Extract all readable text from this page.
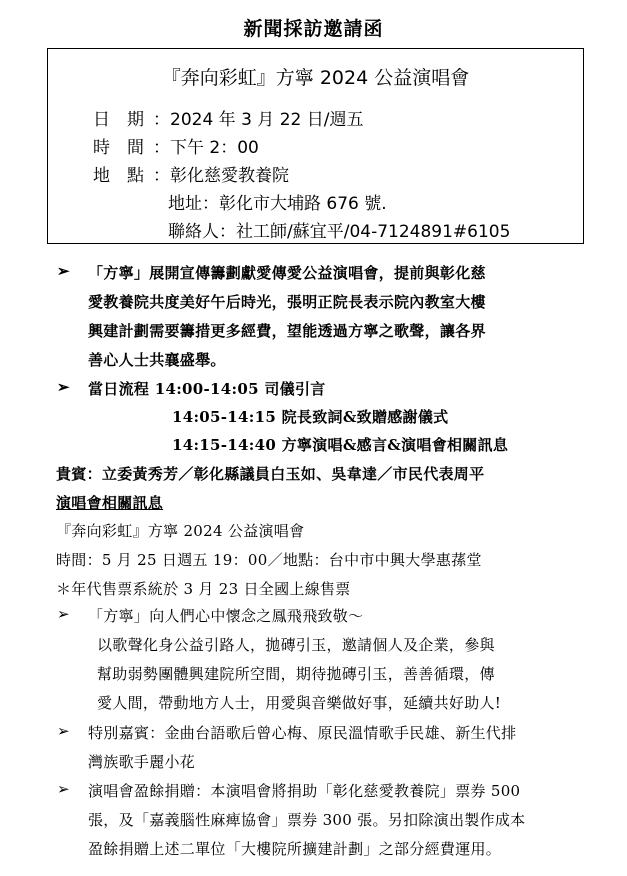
新聞採訪邀請函
『奔向彩虹』方寧 2024 公益演唱會
日　期 ：2024 年 3 月 22 日/週五
時　間 ：下午 2：00
地　點 ：彰化慈愛教養院
地址：彰化市大埔路 676 號.
聯絡人：社工師/蘇宜平/04-7124891#6105
➢ 「方寧」展開宣傳籌劃獻愛傳愛公益演唱會，提前與彰化慈
愛教養院共度美好午后時光，張明正院長表示院內教室大樓
興建計劃需要籌措更多經費，望能透過方寧之歌聲，讓各界
善心人士共襄盛舉。
➢ 當日流程 14:00-14:05 司儀引言
14:05-14:15 院長致詞&致贈感謝儀式
14:15-14:40 方寧演唱&感言&演唱會相關訊息
貴賓：立委黃秀芳／彰化縣議員白玉如、吳韋達／市民代表周平
演唱會相關訊息
『奔向彩虹』方寧 2024 公益演唱會
時間：5 月 25 日週五 19：00／地點：台中市中興大學惠蓀堂
＊年代售票系統於 3 月 23 日全國上線售票
➢ 「方寧」向人們心中懷念之鳳飛飛致敬～
以歌聲化身公益引路人，拋磚引玉，邀請個人及企業，參與
幫助弱勢團體興建院所空間，期待拋磚引玉，善善循環，傳
愛人間，帶動地方人士，用愛與音樂做好事，延續共好助人!
➢ 特別嘉賓：金曲台語歌后曾心梅、原民溫情歌手民雄、新生代排
灣族歌手麗小花
➢ 演唱會盈餘捐贈：本演唱會將捐助「彰化慈愛教養院」票券 500
張，及「嘉義腦性麻痺協會」票券 300 張。另扣除演出製作成本
盈餘捐贈上述二單位「大樓院所擴建計劃」之部分經費運用。
